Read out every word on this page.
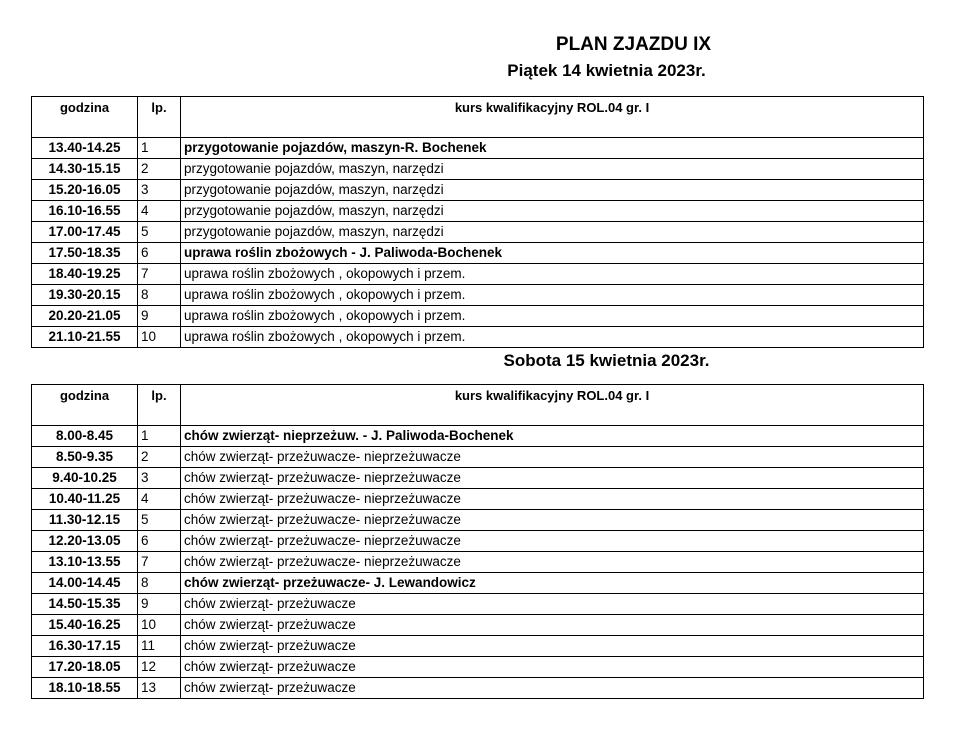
PLAN ZJAZDU IX
Piątek 14 kwietnia 2023r.
godzina	lp.	kurs kwalifikacyjny ROL.04 gr. I
13.40-14.25	1	przygotowanie pojazdów, maszyn-R. Bochenek
14.30-15.15	2	przygotowanie pojazdów, maszyn, narzędzi
15.20-16.05	3	przygotowanie pojazdów, maszyn, narzędzi
16.10-16.55	4	przygotowanie pojazdów, maszyn, narzędzi
17.00-17.45	5	przygotowanie pojazdów, maszyn, narzędzi
17.50-18.35	6	uprawa roślin zbożowych - J. Paliwoda-Bochenek
18.40-19.25	7	uprawa roślin zbożowych , okopowych i przem.
19.30-20.15	8	uprawa roślin zbożowych , okopowych i przem.
20.20-21.05	9	uprawa roślin zbożowych , okopowych i przem.
21.10-21.55	10	uprawa roślin zbożowych , okopowych i przem.
Sobota 15 kwietnia 2023r.
godzina	lp.	kurs kwalifikacyjny ROL.04 gr. I
8.00-8.45	1	chów zwierząt- nieprzeżuw. - J. Paliwoda-Bochenek
8.50-9.35	2	chów zwierząt- przeżuwacze- nieprzeżuwacze
9.40-10.25	3	chów zwierząt- przeżuwacze- nieprzeżuwacze
10.40-11.25	4	chów zwierząt- przeżuwacze- nieprzeżuwacze
11.30-12.15	5	chów zwierząt- przeżuwacze- nieprzeżuwacze
12.20-13.05	6	chów zwierząt- przeżuwacze- nieprzeżuwacze
13.10-13.55	7	chów zwierząt- przeżuwacze- nieprzeżuwacze
14.00-14.45	8	chów zwierząt- przeżuwacze- J. Lewandowicz
14.50-15.35	9	chów zwierząt- przeżuwacze
15.40-16.25	10	chów zwierząt- przeżuwacze
16.30-17.15	11	chów zwierząt- przeżuwacze
17.20-18.05	12	chów zwierząt- przeżuwacze
18.10-18.55	13	chów zwierząt- przeżuwacze
